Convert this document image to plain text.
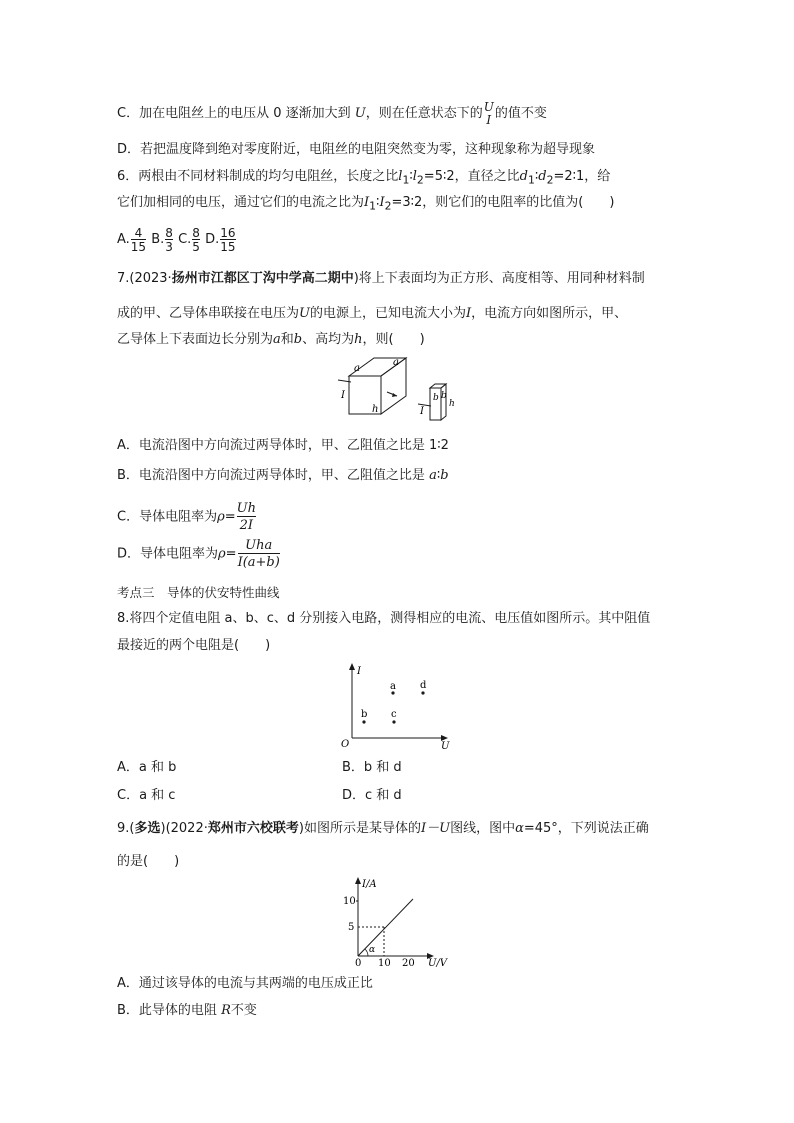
C．加在电阻丝上的电压从 0 逐渐加大到 U，则在任意状态下的 U
I 的值不变
D．若把温度降到绝对零度附近，电阻丝的电阻突然变为零，这种现象称为超导现象
6．两根由不同材料制成的均匀电阻丝，长度之比$l_1∶l_2=5∶2$，直径之比$d_1∶d_2=2∶1$，给
它们加相同的电压，通过它们的电流之比为$I_1∶I_2=3∶2$，则它们的电阻率的比值为(　　)
A. $\frac{4}{15} B$. $\frac{8}{3} C$. $\frac{8}{5} D$. $\frac{16}{15}$
7.(2023·扬州市江都区丁沟中学高二期中)将上下表面均为正方形、高度相等、用同种材料制
成的甲、乙导体串联接在电压为U的电源上，已知电流大小为I，电流方向如图所示，甲、
乙导体上下表面边长分别为a和b、高均为h，则(　　)
a
a
I
h	I
b b
h
A．电流沿图中方向流过两导体时，甲、乙阻值之比是 1∶2
B．电流沿图中方向流过两导体时，甲、乙阻值之比是 a∶b
C．导体电阻率为$\rho= \frac{Uh}{2I}$
D．导体电阻率为$\rho= \frac{\text{Uha}}{I(a+b)}$
考点三　导体的伏安特性曲线
8.将四个定值电阻 a、b、c、d 分别接入电路，测得相应的电流、电压值如图所示。其中阻值
最接近的两个电阻是(　　)
I
U
O
a d
b c
A．a 和 b	B．b 和 d
C．a 和 c	D．c 和 d
9.(多选)(2022·郑州市六校联考)如图所示是某导体的I－U图线，图中α=45°，下列说法正确
的是(　　)
I/A
U/V
10
5
α
0 10 20
A．通过该导体的电流与其两端的电压成正比
B．此导体的电阻 R不变
